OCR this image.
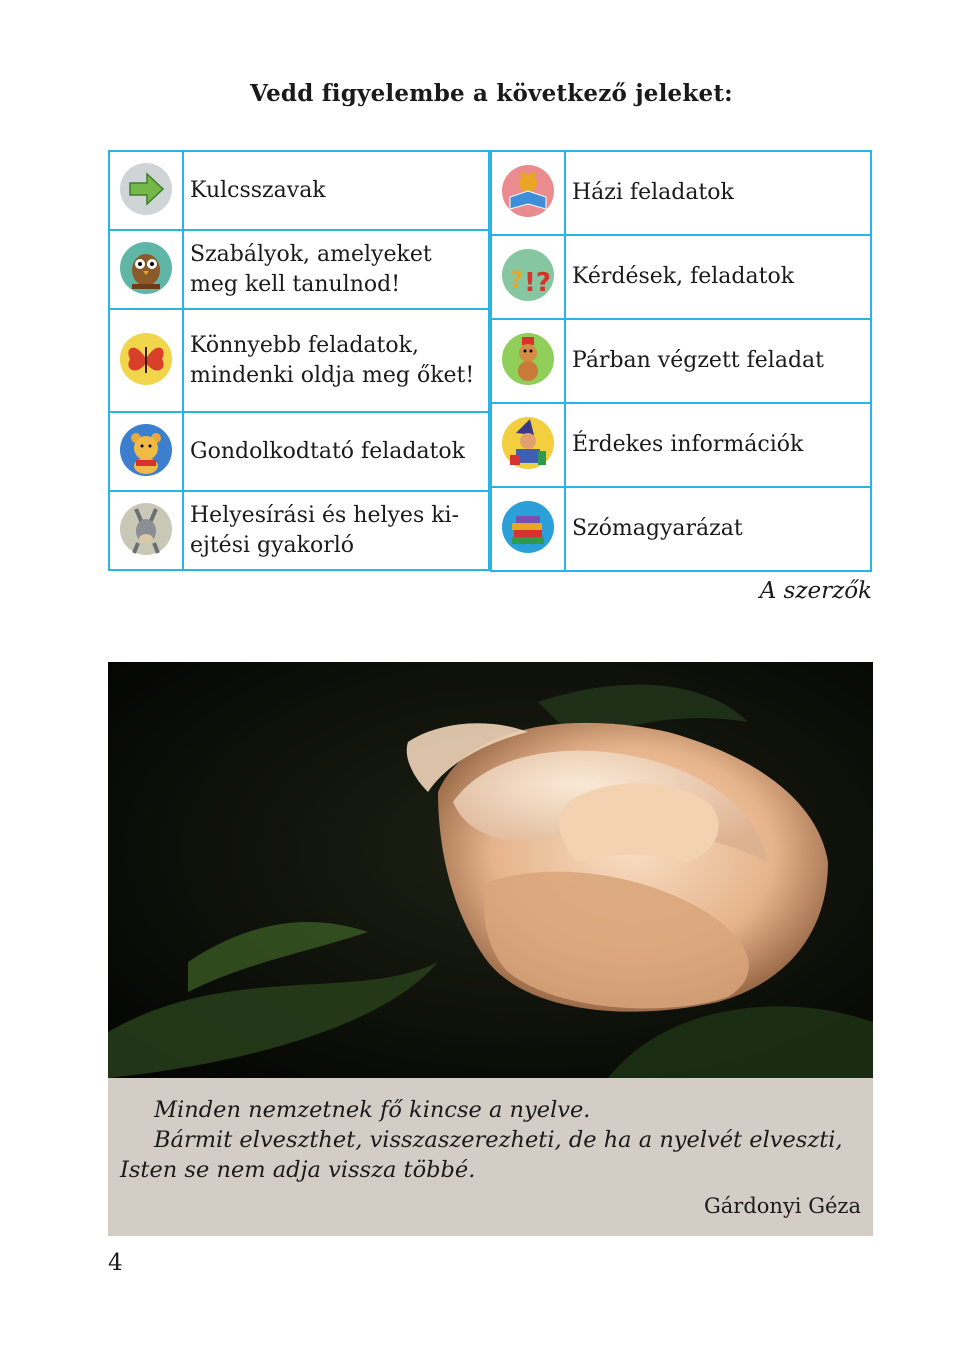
Vedd figyelembe a következő jeleket:
	Kulcsszavak

	Szabályok, amelyeket meg kell tanulnod!

	Könnyebb feladatok, mindenki oldja meg őket!

	Gondolkodtató feladatok

	Helyesírási és helyes ki-ejtési gyakorló
	Házi feladatok

? !?	Kérdések, feladatok

	Párban végzett feladat

	Érdekes információk

	Szómagyarázat
A szerzők
Minden nemzetnek fő kincse a nyelve.
Bármit elveszthet, visszaszerezheti, de ha a nyelvét elveszti,
Isten se nem adja vissza többé.
Gárdonyi Géza
4
